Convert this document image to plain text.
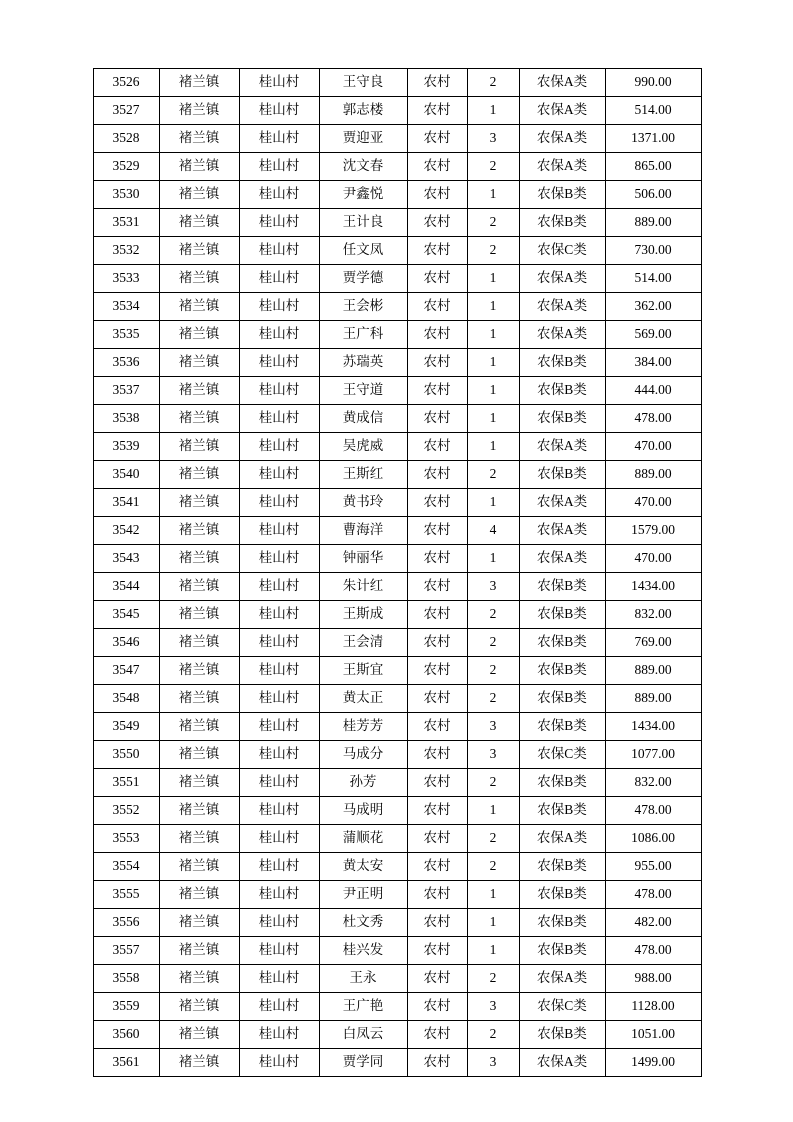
3526	褚兰镇	桂山村	王守良	农村	2	农保A类	990.00
3527	褚兰镇	桂山村	郭志楼	农村	1	农保A类	514.00
3528	褚兰镇	桂山村	贾迎亚	农村	3	农保A类	1371.00
3529	褚兰镇	桂山村	沈文春	农村	2	农保A类	865.00
3530	褚兰镇	桂山村	尹鑫悦	农村	1	农保B类	506.00
3531	褚兰镇	桂山村	王计良	农村	2	农保B类	889.00
3532	褚兰镇	桂山村	任文凤	农村	2	农保C类	730.00
3533	褚兰镇	桂山村	贾学德	农村	1	农保A类	514.00
3534	褚兰镇	桂山村	王会彬	农村	1	农保A类	362.00
3535	褚兰镇	桂山村	王广科	农村	1	农保A类	569.00
3536	褚兰镇	桂山村	苏瑞英	农村	1	农保B类	384.00
3537	褚兰镇	桂山村	王守道	农村	1	农保B类	444.00
3538	褚兰镇	桂山村	黄成信	农村	1	农保B类	478.00
3539	褚兰镇	桂山村	吴虎威	农村	1	农保A类	470.00
3540	褚兰镇	桂山村	王斯红	农村	2	农保B类	889.00
3541	褚兰镇	桂山村	黄书玲	农村	1	农保A类	470.00
3542	褚兰镇	桂山村	曹海洋	农村	4	农保A类	1579.00
3543	褚兰镇	桂山村	钟丽华	农村	1	农保A类	470.00
3544	褚兰镇	桂山村	朱计红	农村	3	农保B类	1434.00
3545	褚兰镇	桂山村	王斯成	农村	2	农保B类	832.00
3546	褚兰镇	桂山村	王会清	农村	2	农保B类	769.00
3547	褚兰镇	桂山村	王斯宜	农村	2	农保B类	889.00
3548	褚兰镇	桂山村	黄太正	农村	2	农保B类	889.00
3549	褚兰镇	桂山村	桂芳芳	农村	3	农保B类	1434.00
3550	褚兰镇	桂山村	马成分	农村	3	农保C类	1077.00
3551	褚兰镇	桂山村	孙芳	农村	2	农保B类	832.00
3552	褚兰镇	桂山村	马成明	农村	1	农保B类	478.00
3553	褚兰镇	桂山村	蒲顺花	农村	2	农保A类	1086.00
3554	褚兰镇	桂山村	黄太安	农村	2	农保B类	955.00
3555	褚兰镇	桂山村	尹正明	农村	1	农保B类	478.00
3556	褚兰镇	桂山村	杜文秀	农村	1	农保B类	482.00
3557	褚兰镇	桂山村	桂兴发	农村	1	农保B类	478.00
3558	褚兰镇	桂山村	王永	农村	2	农保A类	988.00
3559	褚兰镇	桂山村	王广艳	农村	3	农保C类	1128.00
3560	褚兰镇	桂山村	白凤云	农村	2	农保B类	1051.00
3561	褚兰镇	桂山村	贾学同	农村	3	农保A类	1499.00
